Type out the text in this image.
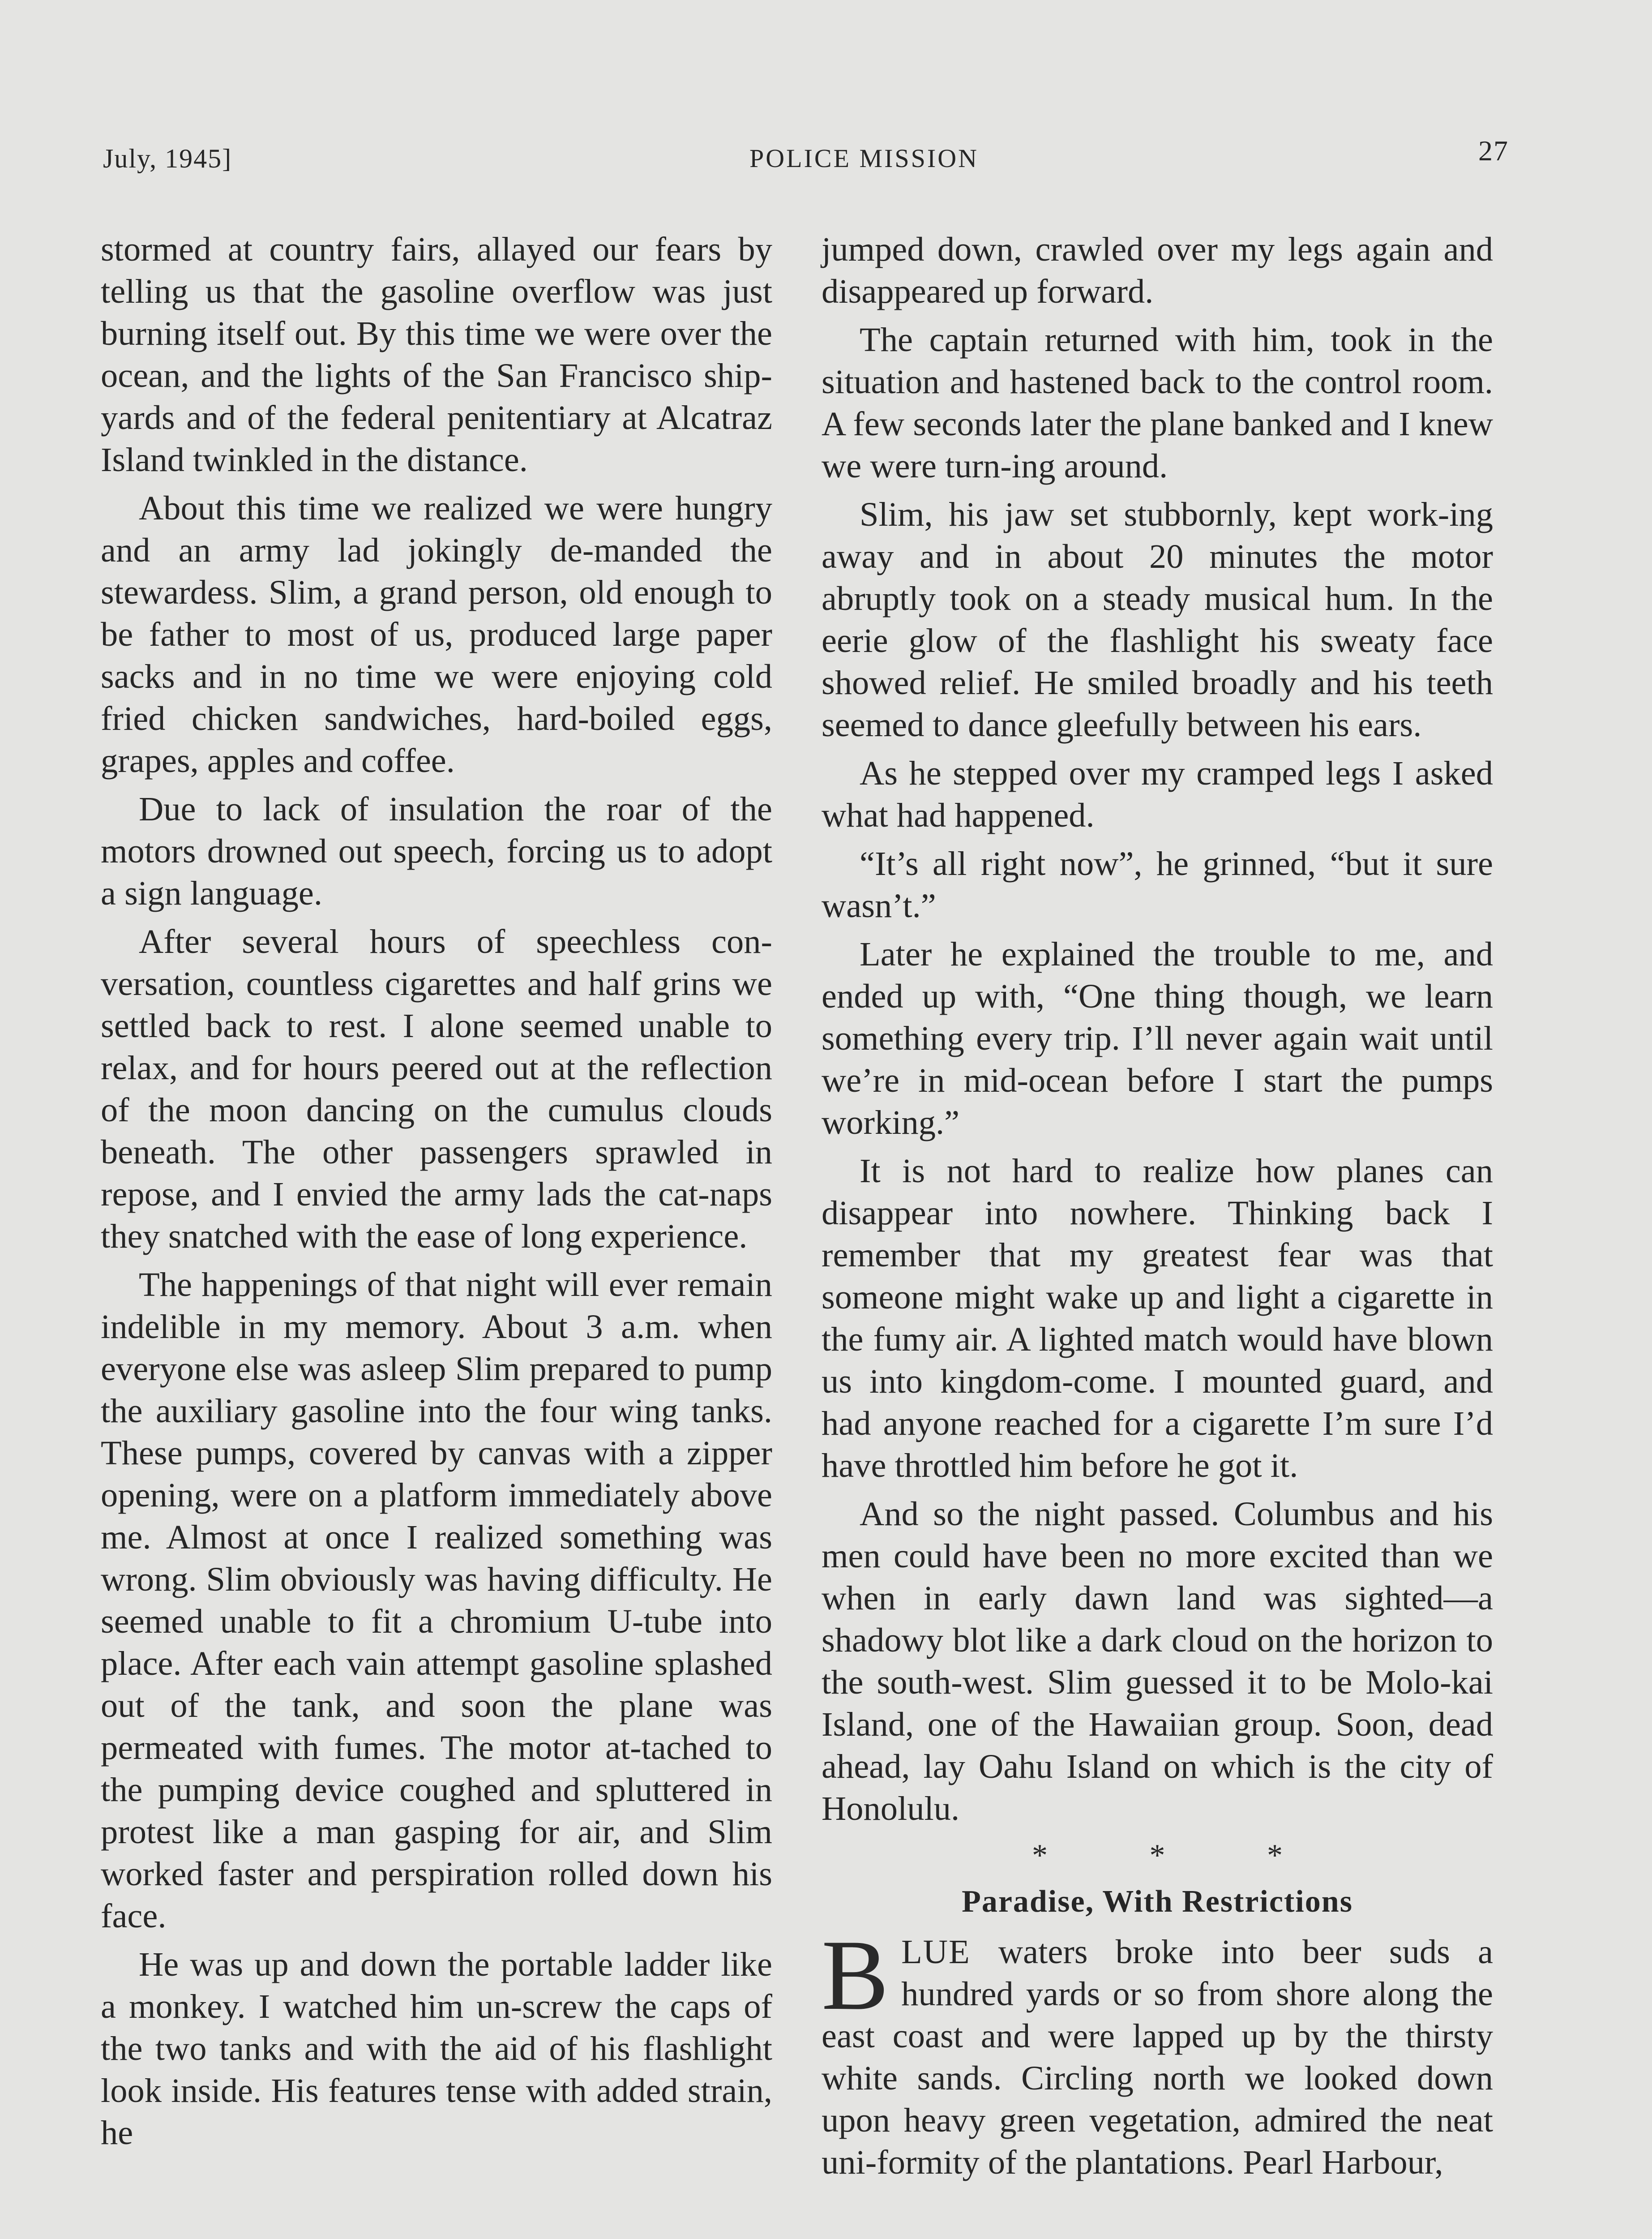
July, 1945]	POLICE MISSION	27

stormed at country fairs, allayed our fears by telling us that the gasoline overflow was just burning itself out. By this time we were over the ocean, and the lights of the San Francisco ship-yards and of the federal penitentiary at Alcatraz Island twinkled in the distance.

About this time we realized we were hungry and an army lad jokingly de-manded the stewardess. Slim, a grand person, old enough to be father to most of us, produced large paper sacks and in no time we were enjoying cold fried chicken sandwiches, hard-boiled eggs, grapes, apples and coffee.

Due to lack of insulation the roar of the motors drowned out speech, forcing us to adopt a sign language.

After several hours of speechless con-versation, countless cigarettes and half grins we settled back to rest. I alone seemed unable to relax, and for hours peered out at the reflection of the moon dancing on the cumulus clouds beneath. The other passengers sprawled in repose, and I envied the army lads the cat-naps they snatched with the ease of long experience.

The happenings of that night will ever remain indelible in my memory. About 3 a.m. when everyone else was asleep Slim prepared to pump the auxiliary gasoline into the four wing tanks. These pumps, covered by canvas with a zipper opening, were on a platform immediately above me. Almost at once I realized something was wrong. Slim obviously was having difficulty. He seemed unable to fit a chromium U-tube into place. After each vain attempt gasoline splashed out of the tank, and soon the plane was permeated with fumes. The motor at-tached to the pumping device coughed and spluttered in protest like a man gasping for air, and Slim worked faster and perspiration rolled down his face.

He was up and down the portable ladder like a monkey. I watched him un-screw the caps of the two tanks and with the aid of his flashlight look inside. His features tense with added strain, he

jumped down, crawled over my legs again and disappeared up forward.

The captain returned with him, took in the situation and hastened back to the control room. A few seconds later the plane banked and I knew we were turn-ing around.

Slim, his jaw set stubbornly, kept work-ing away and in about 20 minutes the motor abruptly took on a steady musical hum. In the eerie glow of the flashlight his sweaty face showed relief. He smiled broadly and his teeth seemed to dance gleefully between his ears.

As he stepped over my cramped legs I asked what had happened.

“It’s all right now”, he grinned, “but it sure wasn’t.”

Later he explained the trouble to me, and ended up with, “One thing though, we learn something every trip. I’ll never again wait until we’re in mid-ocean before I start the pumps working.”

It is not hard to realize how planes can disappear into nowhere. Thinking back I remember that my greatest fear was that someone might wake up and light a cigarette in the fumy air. A lighted match would have blown us into kingdom-come. I mounted guard, and had anyone reached for a cigarette I’m sure I’d have throttled him before he got it.

And so the night passed. Columbus and his men could have been no more excited than we when in early dawn land was sighted—a shadowy blot like a dark cloud on the horizon to the south-west. Slim guessed it to be Molo-kai Island, one of the Hawaiian group. Soon, dead ahead, lay Oahu Island on which is the city of Honolulu.

* * *
Paradise, With Restrictions

BLUE waters broke into beer suds a hundred yards or so from shore along the east coast and were lapped up by the thirsty white sands. Circling north we looked down upon heavy green vegetation, admired the neat uni-formity of the plantations. Pearl Harbour,
